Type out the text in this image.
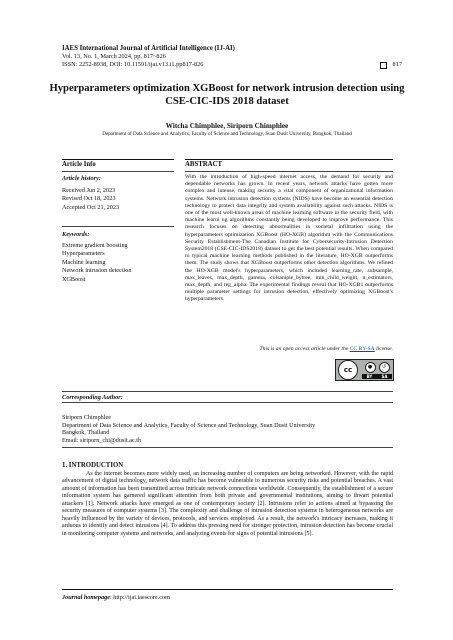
IAES International Journal of Artificial Intelligence (IJ-AI)
Vol. 13, No. 1, March 2024, pp. 817~826
ISSN: 2252-8938, DOI: 10.11591/ijai.v13.i1.pp817-826	817
Hyperparameters optimization XGBoost for network intrusion detection using CSE-CIC-IDS 2018 dataset
Witcha Chimphlee, Siriporn Chimphlee
Department of Data Science and Analytics, Faculty of Science and Technology, Suan Dusit University, Bangkok, Thailand
Article Info	ABSTRACT
Article history:
Received Jun 2, 2023
Revised Oct 18, 2023
Accepted Oct 21, 2023
Keywords:
Extreme gradient boosting
Hyperparameters
Machine learning
Network intrusion detection
XGBoost
With the introduction of high-speed internet access, the demand for security and dependable networks has grown. In recent years, network attacks have gotten more complex and intense, making security a vital component of organizational information systems. Network intrusion detection systems (NIDS) have become an essential detection technology to protect data integrity and system availability against such attacks. NIDS is one of the most well-known areas of machine learning software in the security field, with machine learni ng algorithms constantly being developed to improve performance. This research focuses on detecting abnormalities in societal infiltration using the hyperparameters optimization XGBoost (HO-XGB) algorithm with the Communications Security Establishment-The Canadian Institute for Cybersecurity-Intrusion Detection System2018 (CSE-CIC-IDS2018) dataset to get the best potential results. When compared to typical machine learning methods published in the literature, HO-XGB outperforms them. The study shows that XGBoost outperforms other detection algorithms. We refined the HO-XGB model's hyperparameters, which included learning_rate, subsample, max_leaves, max_depth, gamma, colsample_bytree, min_child_weight, n_estimators, max_depth, and reg_alpha. The experimental findings reveal that HO-XGB1 outperforms multiple parameter settings for intrusion detection, effectively optimizing XGBoost's hyperparameters.
This is an open access article under the CC BY-SA license.
cc	●	↺
BY SA
Corresponding Author:
Siriporn Chimphlee
Department of Data Science and Analytics, Faculty of Science and Technology, Suan Dusit University
Bangkok, Thailand
Email: siriporn_chi@dusit.ac.th
1. INTRODUCTION
As the internet becomes more widely used, an increasing number of computers are being networked. However, with the rapid advancement of digital technology, network data traffic has become vulnerable to numerous security risks and potential breaches. A vast amount of information has been transmitted across intricate network connections worldwide. Consequently, the establishment of a secure information system has garnered significant attention from both private and governmental institutions, aiming to thwart potential attackers [1]. Network attacks have emerged as one of contemporary society [2]. Intrusions refer to actions aimed at bypassing the security measures of computer systems [3]. The complexity and challenge of intrusion detection systems in heterogeneous networks are heavily influenced by the variety of devices, protocols, and services employed. As a result, the network's intricacy increases, making it arduous to identify and detect intrusions [4]. To address this pressing need for stronger protection, intrusion detection has become crucial in monitoring computer systems and networks, and analyzing events for signs of potential intrusions [5].
Journal homepage: http://ijai.iaescore.com
